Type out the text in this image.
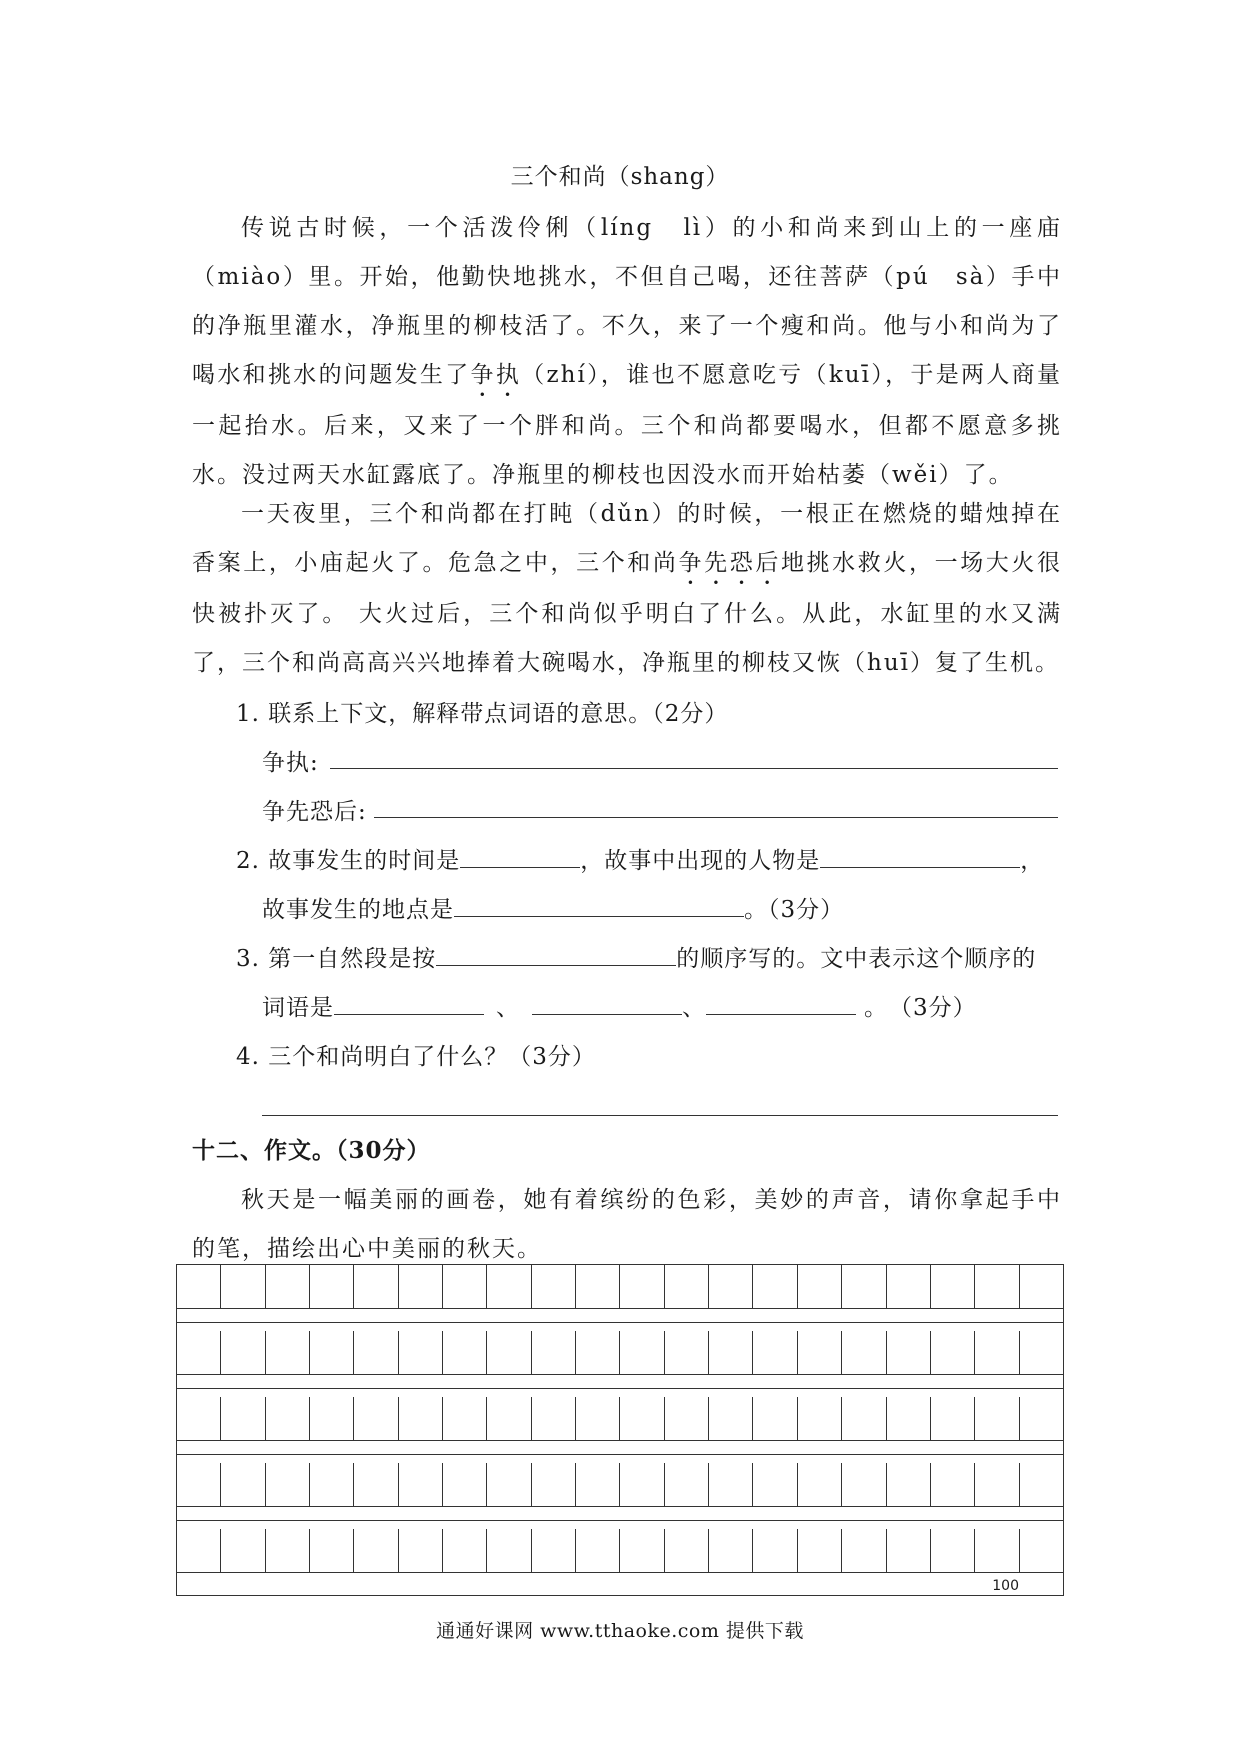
三个和尚（shang）
传说古时候，一个活泼伶俐（líng　lì）的小和尚来到山上的一座庙（miào）里。开始，他勤快地挑水，不但自己喝，还往菩萨（pú　sà）手中的净瓶里灌水，净瓶里的柳枝活了。不久，来了一个瘦和尚。他与小和尚为了喝水和挑水的问题发生了争执（zhí），谁也不愿意吃亏（kuī），于是两人商量一起抬水。后来，又来了一个胖和尚。三个和尚都要喝水，但都不愿意多挑水。没过两天水缸露底了。净瓶里的柳枝也因没水而开始枯萎（wěi）了。
一天夜里，三个和尚都在打盹（dǔn）的时候，一根正在燃烧的蜡烛掉在香案上，小庙起火了。危急之中，三个和尚争先恐后地挑水救火，一场大火很快被扑灭了。 大火过后，三个和尚似乎明白了什么。从此，水缸里的水又满了，三个和尚高高兴兴地捧着大碗喝水，净瓶里的柳枝又恢（huī）复了生机。
1. 联系上下文，解释带点词语的意思。（2分）
争执:
争先恐后:
2. 故事发生的时间是	，故事中出现的人物是	，
故事发生的地点是	。（3分）
3. 第一自然段是按	的顺序写的。文中表示这个顺序的
词语是	、	、	。　（3分）
4. 三个和尚明白了什么？（3分）
十二、作文。（30分）
秋天是一幅美丽的画卷，她有着缤纷的色彩，美妙的声音，请你拿起手中的笔，描绘出心中美丽的秋天。
100
通通好课网 www.tthaoke.com 提供下载
